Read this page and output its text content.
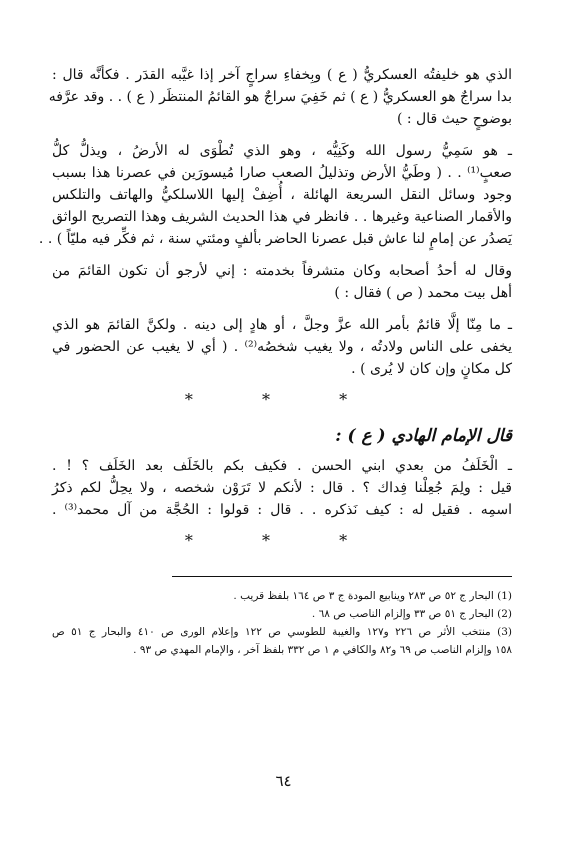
الذي هو خليفتُه العسكريُّ ( ع ) وبِخفاءِ سراجٍ آخر إذا غيَّبه القدَر . فكأنَّه قال :
بدا سراجٌ هو العسكريُّ ( ع ) ثم خَفِيَ سراجٌ هو القائمُ المنتظَر ( ع ) . . وقد عرَّفه
بوضوحٍ حيث قال : )
ـ هو سَمِيُّ رسول الله وكَنِيُّه ، وهو الذي تُطْوَى له الأرضُ ، ويذلُّ كلُّ
صعبٍ⁽¹⁾ . . ( وطَيُّ الأرض وتذليلُ الصعب صارا مُيسورَين في عصرنا هذا بسبب
وجود وسائل النقل السريعة الهائلة ، أُضِفْ إليها اللاسلكيُّ والهاتف والتلكس
والأقمار الصناعية وغيرها . . فانظر في هذا الحديث الشريف وهذا التصريح الواثق
يَصدُر عن إمامٍ لنا عاش قبل عصرنا الحاضر بألفٍ ومئتي سنة ، ثم فكِّر فيه مليّاً ) . .
وقال له أحدُ أصحابه وكان متشرفاً بخدمته : إني لأرجو أن تكون القائمَ من
أهل بيت محمد ( ص ) فقال : )
ـ ما مِنّا إلَّا قائمٌ بأمر الله عزَّ وجلَّ ، أو هادٍ إلى دينه . ولكنَّ القائمَ هو الذي
يخفى على الناس ولادتُه ، ولا يغيب شخصُه⁽²⁾ . ( أي لا يغيب عن الحضور في
كل مكانٍ وإن كان لا يُرى ) .
* * *
قال الإمام الهادي ( ع ) :
ـ الْخَلَفُ من بعدي ابني الحسن . فكيف بكم بالخَلَف بعد الخَلَف ؟ ! .
قيل : ولِمَ جُعِلْنا فِداك ؟ . قال : لأنكم لا تَرَوْن شخصه ، ولا يحِلُّ لكم ذكرُ
اسمِه . فقيل له : كيف نَذكره . . قال : قولوا : الحُجَّة من آل محمد⁽³⁾ .
* * *
(1) البحار ج ٥٢ ص ٢٨٣ وينابيع المودة ج ٣ ص ١٦٤ بلفظ قريب .
(2) البحار ج ٥١ ص ٣٣ وإلزام الناصب ص ٦٨ .
(3) منتخب الأثر ص ٢٢٦ و١٢٧ والغيبة للطوسي ص ١٢٢ وإعلام الورى ص ٤١٠ والبحار ج ٥١ ص
١٥٨ وإلزام الناصب ص ٦٩ و٨٢ والكافي م ١ ص ٣٣٢ بلفظ آخر ، والإمام المهدي ص ٩٣ .
٦٤
